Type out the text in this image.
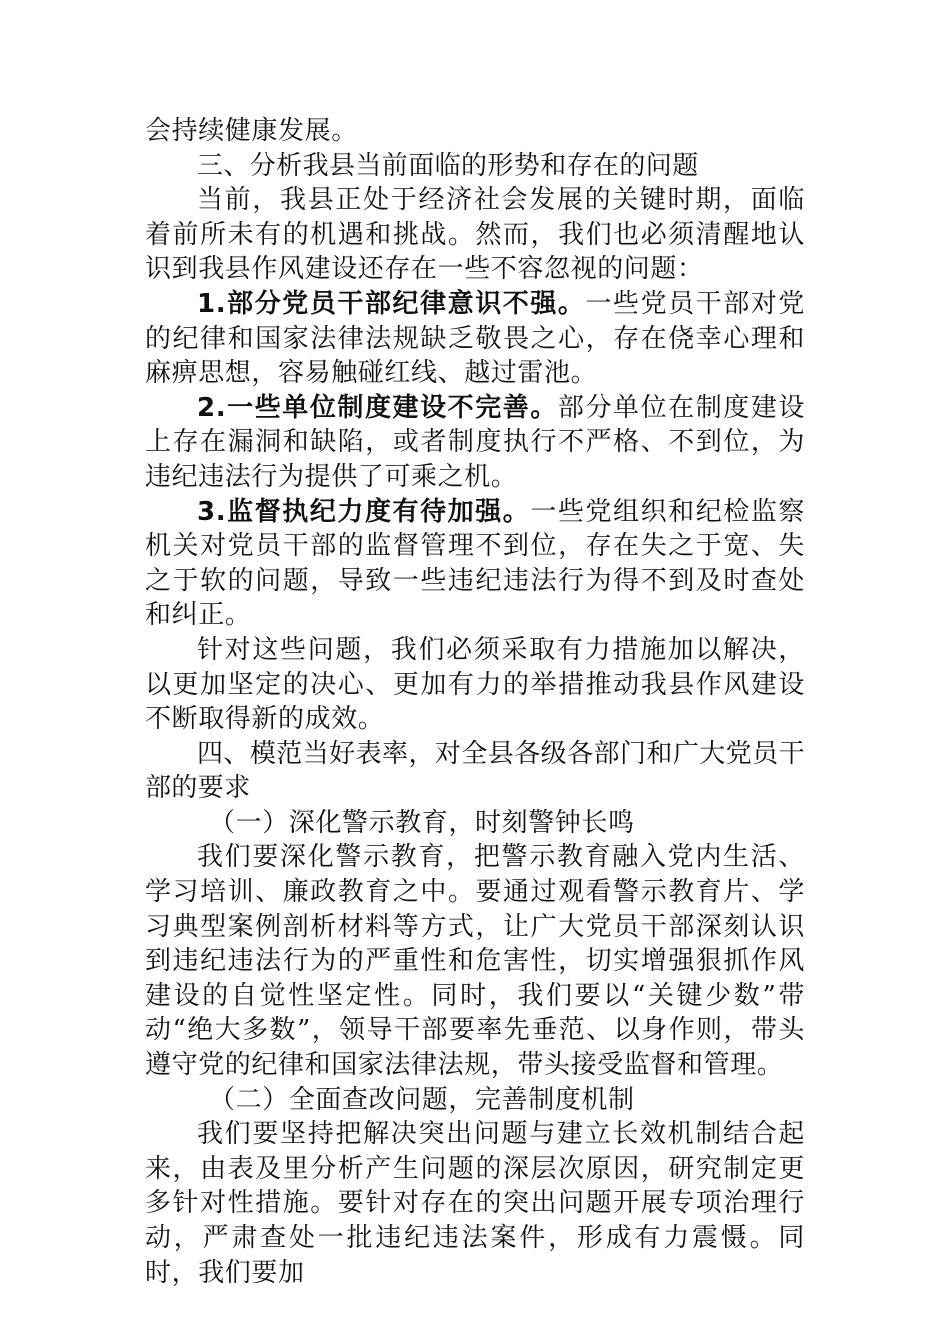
会持续健康发展。

三、分析我县当前面临的形势和存在的问题

当前，我县正处于经济社会发展的关键时期，面临着前所未有的机遇和挑战。然而，我们也必须清醒地认识到我县作风建设还存在一些不容忽视的问题：

1.部分党员干部纪律意识不强。一些党员干部对党的纪律和国家法律法规缺乏敬畏之心，存在侥幸心理和麻痹思想，容易触碰红线、越过雷池。

2.一些单位制度建设不完善。部分单位在制度建设上存在漏洞和缺陷，或者制度执行不严格、不到位，为违纪违法行为提供了可乘之机。

3.监督执纪力度有待加强。一些党组织和纪检监察机关对党员干部的监督管理不到位，存在失之于宽、失之于软的问题，导致一些违纪违法行为得不到及时查处和纠正。

针对这些问题，我们必须采取有力措施加以解决，以更加坚定的决心、更加有力的举措推动我县作风建设不断取得新的成效。

四、模范当好表率，对全县各级各部门和广大党员干部的要求

（一）深化警示教育，时刻警钟长鸣

我们要深化警示教育，把警示教育融入党内生活、学习培训、廉政教育之中。要通过观看警示教育片、学习典型案例剖析材料等方式，让广大党员干部深刻认识到违纪违法行为的严重性和危害性，切实增强狠抓作风建设的自觉性坚定性。同时，我们要以“关键少数”带动“绝大多数”，领导干部要率先垂范、以身作则，带头遵守党的纪律和国家法律法规，带头接受监督和管理。

（二）全面查改问题，完善制度机制

我们要坚持把解决突出问题与建立长效机制结合起来，由表及里分析产生问题的深层次原因，研究制定更多针对性措施。要针对存在的突出问题开展专项治理行动，严肃查处一批违纪违法案件，形成有力震慑。同时，我们要加
